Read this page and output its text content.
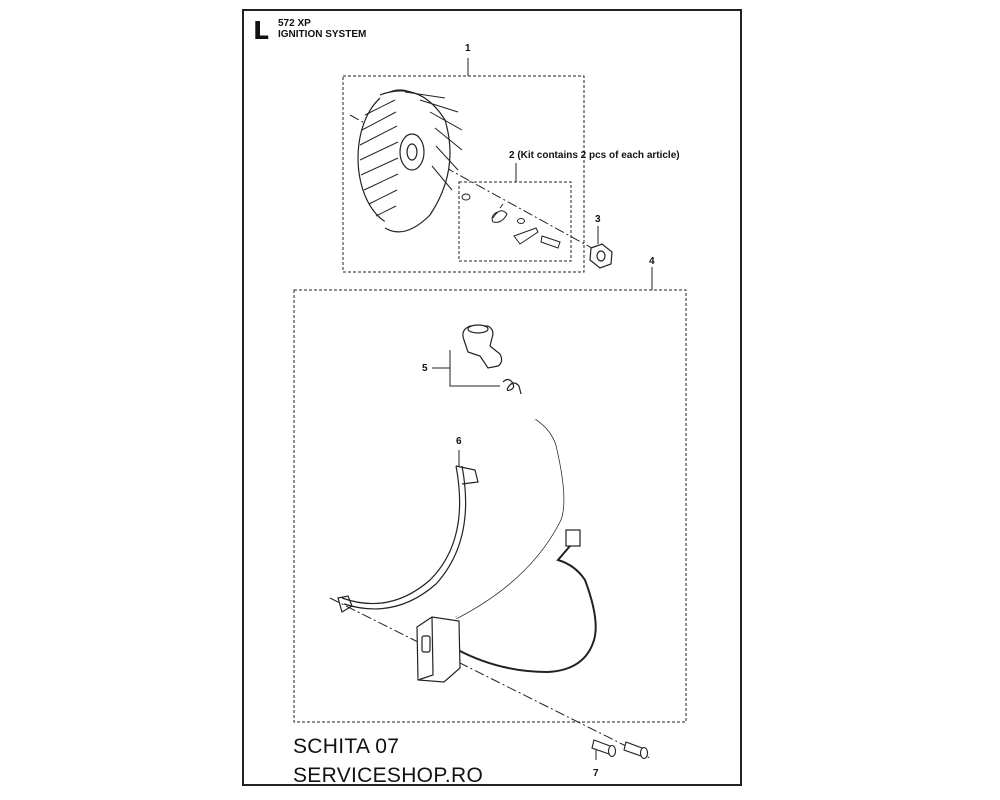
L 572 XP
IGNITION SYSTEM
1
2 (Kit contains 2 pcs of each article)
3
4
5
6
7
SCHITA 07
SERVICESHOP.RO
